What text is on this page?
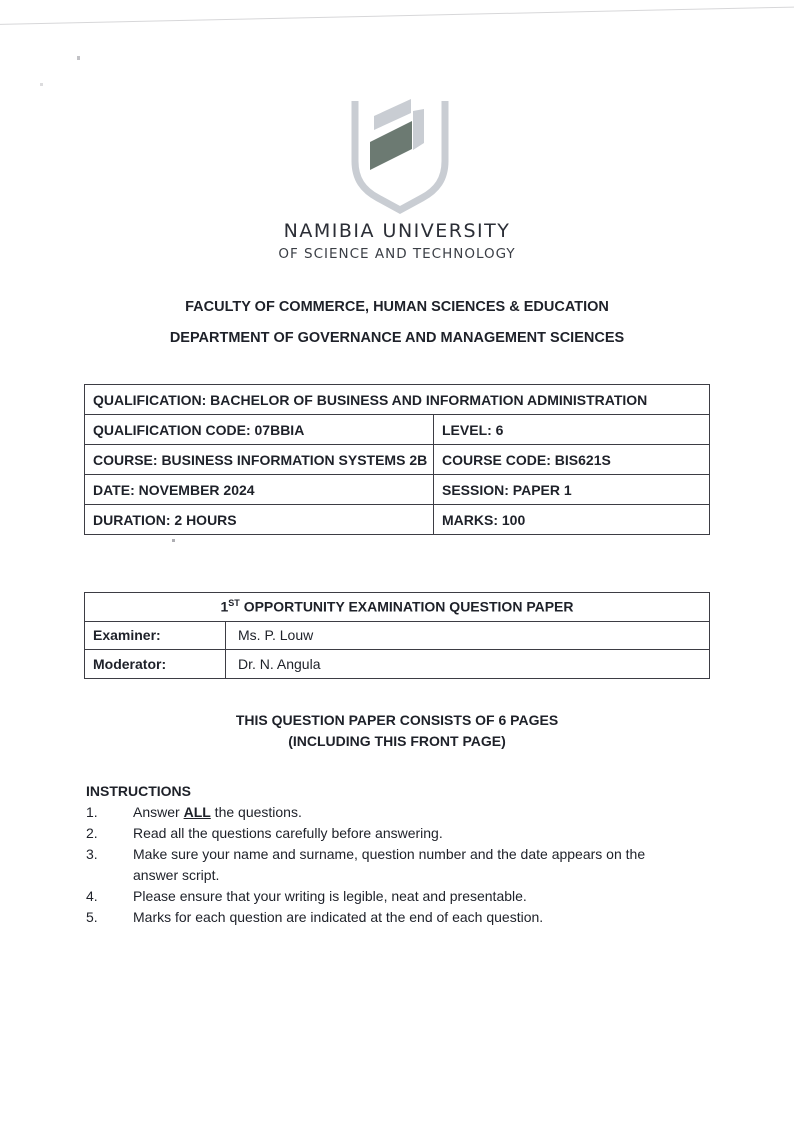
NAMIBIA UNIVERSITY
OF SCIENCE AND TECHNOLOGY
FACULTY OF COMMERCE, HUMAN SCIENCES & EDUCATION
DEPARTMENT OF GOVERNANCE AND MANAGEMENT SCIENCES
QUALIFICATION: BACHELOR OF BUSINESS AND INFORMATION ADMINISTRATION	
QUALIFICATION CODE: 07BBIA	LEVEL: 6
COURSE: BUSINESS INFORMATION SYSTEMS 2B	COURSE CODE: BIS621S
DATE: NOVEMBER 2024	SESSION: PAPER 1
DURATION: 2 HOURS	MARKS: 100
1ST OPPORTUNITY EXAMINATION QUESTION PAPER	
Examiner:	Ms. P. Louw
Moderator:	Dr. N. Angula
THIS QUESTION PAPER CONSISTS OF 6 PAGES
(INCLUDING THIS FRONT PAGE)
INSTRUCTIONS
1.	Answer ALL the questions.
2.	Read all the questions carefully before answering.
3.	Make sure your name and surname, question number and the date appears on the answer script.
4.	Please ensure that your writing is legible, neat and presentable.
5.	Marks for each question are indicated at the end of each question.
